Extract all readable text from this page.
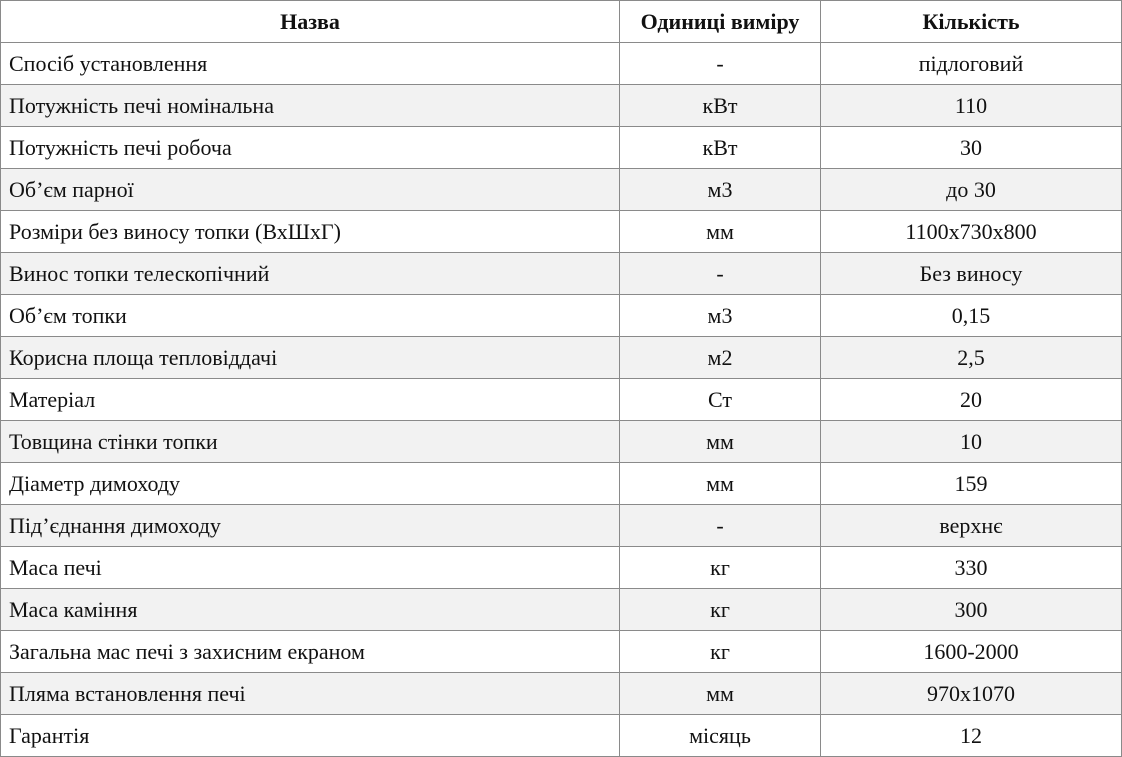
Назва	Одиниці виміру	Кількість
Спосіб установлення	-	підлоговий
Потужність печі номінальна	кВт	110
Потужність печі робоча	кВт	30
Об’єм парної	м3	до 30
Розміри без виносу топки (ВхШхГ)	мм	1100х730х800
Винос топки телескопічний	-	Без виносу
Об’єм топки	м3	0,15
Корисна площа тепловіддачі	м2	2,5
Матеріал	Ст	20
Товщина стінки топки	мм	10
Діаметр димоходу	мм	159
Під’єднання димоходу	-	верхнє
Маса печі	кг	330
Маса каміння	кг	300
Загальна мас печі з захисним екраном	кг	1600-2000
Пляма встановлення печі	мм	970х1070
Гарантія	місяць	12
